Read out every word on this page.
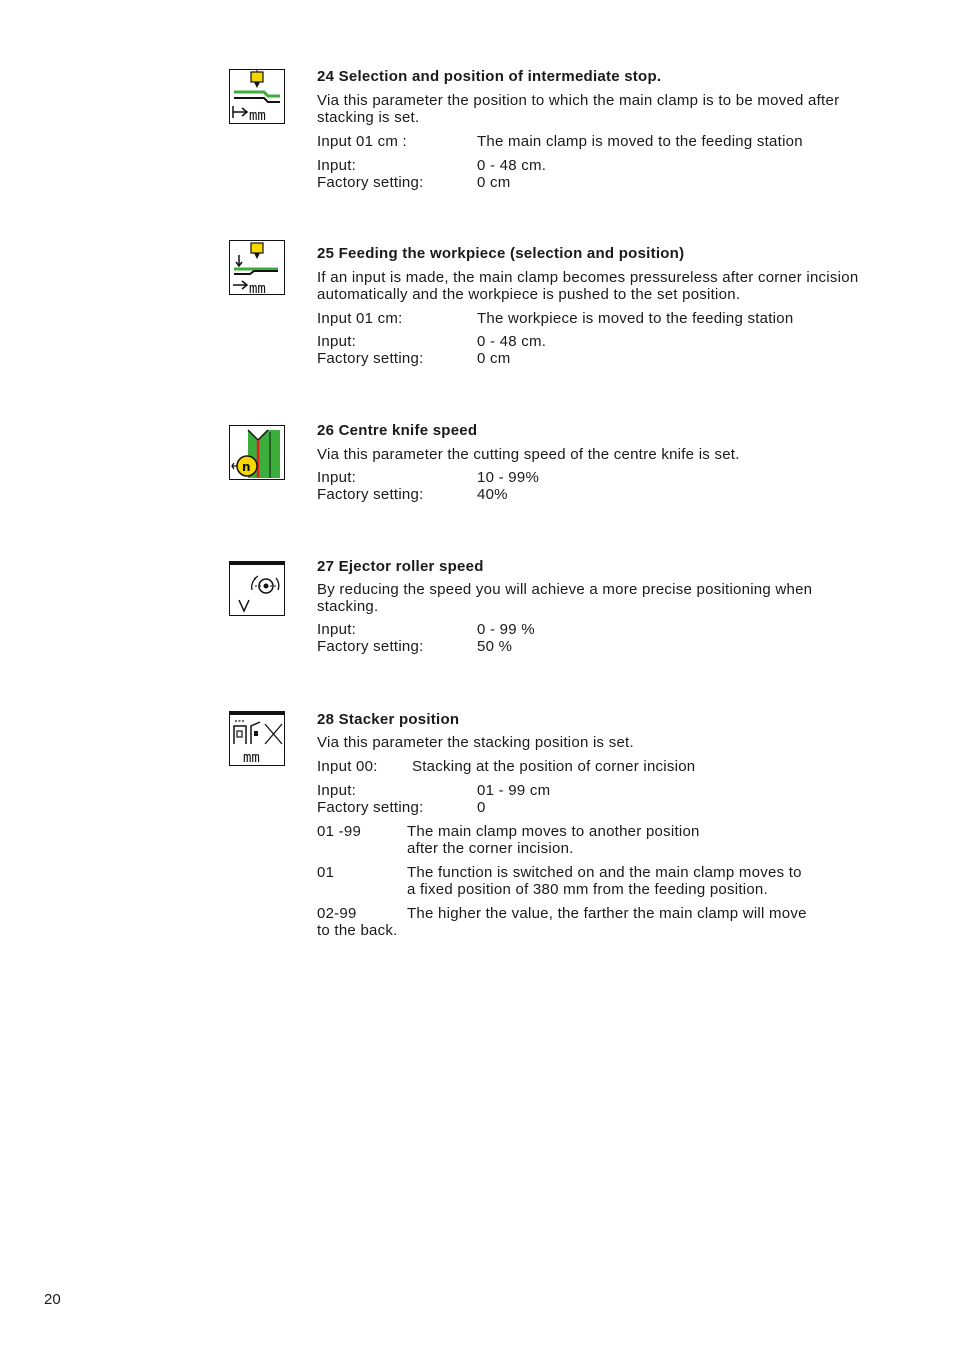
mm

24 Selection and position of intermediate stop.

Via this parameter the position to which the main clamp is to be moved after stacking is set.

Input 01 cm :	The main clamp is moved to the feeding station
Input:	0 - 48 cm.
Factory setting:	0 cm
mm

25 Feeding the workpiece (selection and position)

If an input is made, the main clamp becomes pressureless after corner incision automatically and the workpiece is pushed to the set position.

Input 01 cm:	The workpiece is moved to the feeding station
Input:	0 - 48 cm.
Factory setting:	0 cm
n

26 Centre knife speed

Via this parameter the cutting speed of the centre knife is set.

Input:	10 - 99%
Factory setting:	40%

27 Ejector roller speed

By reducing the speed you will achieve a more precise positioning when stacking.

Input:	0 - 99 %
Factory setting:	50 %
mm

28 Stacker position

Via this parameter the stacking position is set.

Input 00: Stacking at the position of corner incision
Input:	01 - 99 cm
Factory setting:	0
01 -99	The main clamp moves to another position
after the corner incision.
01	The function is switched on and the main clamp moves to
a fixed position of 380 mm from the feeding position.
02-99	The higher the value, the farther the main clamp will move
to the back.
20
